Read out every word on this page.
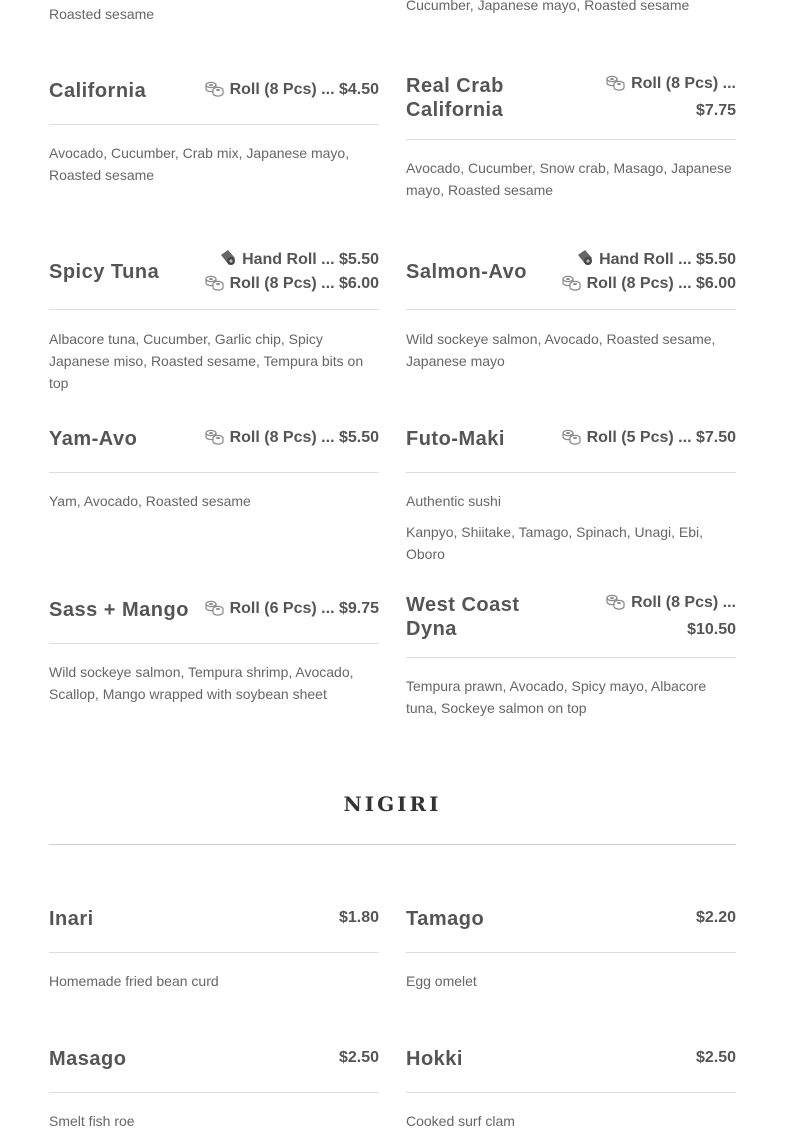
Roasted sesame
Cucumber, Japanese mayo, Roasted sesame
California	Roll (8 Pcs) ... $4.50
Avocado, Cucumber, Crab mix, Japanese mayo, Roasted sesame
Real Crab
California
Roll (8 Pcs) ...
$7.75
Avocado, Cucumber, Snow crab, Masago, Japanese mayo, Roasted sesame
Spicy Tuna
Hand Roll ... $5.50
Roll (8 Pcs) ... $6.00
Albacore tuna, Cucumber, Garlic chip, Spicy Japanese miso, Roasted sesame, Tempura bits on top
Salmon-Avo
Hand Roll ... $5.50
Roll (8 Pcs) ... $6.00
Wild sockeye salmon, Avocado, Roasted sesame, Japanese mayo
Yam-Avo	Roll (8 Pcs) ... $5.50
Yam, Avocado, Roasted sesame
Futo-Maki	Roll (5 Pcs) ... $7.50
Authentic sushi
Kanpyo, Shiitake, Tamago, Spinach, Unagi, Ebi, Oboro
Sass + Mango	Roll (6 Pcs) ... $9.75
Wild sockeye salmon, Tempura shrimp, Avocado, Scallop, Mango wrapped with soybean sheet
West Coast
Dyna
Roll (8 Pcs) ...
$10.50
Tempura prawn, Avocado, Spicy mayo, Albacore tuna, Sockeye salmon on top
NIGIRI
Inari	$1.80
Homemade fried bean curd
Tamago	$2.20
Egg omelet
Masago	$2.50
Smelt fish roe
Hokki	$2.50
Cooked surf clam
